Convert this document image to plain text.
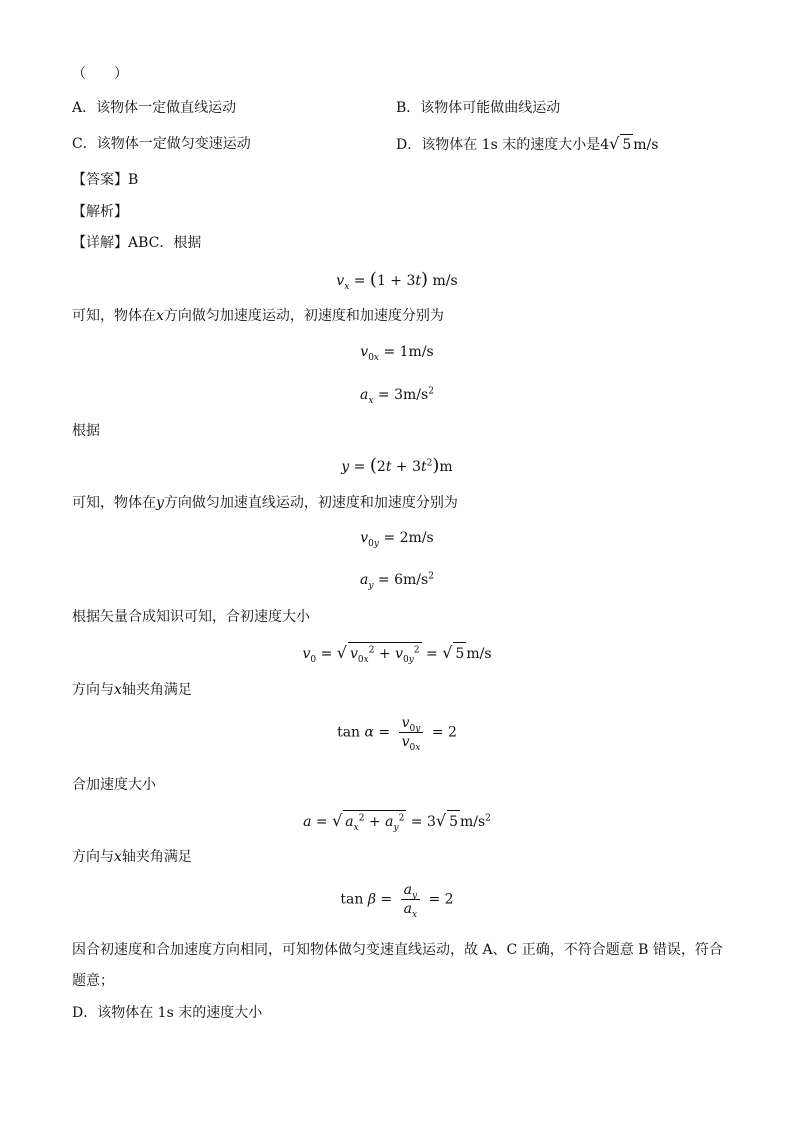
（　　）
A．该物体一定做直线运动	B．该物体可能做曲线运动
C．该物体一定做匀变速运动	D．该物体在 1s 末的速度大小是4√ 5 m/s
【答案】B
【解析】
【详解】ABC．根据
$v_x = (1 + 3t)$ m/s
可知，物体在x方向做匀加速度运动，初速度和加速度分别为
$v_{0x} = 1m/s$
$a_x = 3m/s^2$
根据
$y = (2t + 3t^2)m$
可知，物体在y方向做匀加速直线运动，初速度和加速度分别为
$v_{0y} = 2m/s$
$a_y = 6m/s^2$
根据矢量合成知识可知，合初速度大小
$v_0$ = √ $v_{0x}^2 + v_{0y}^2$ = √ 5 m/s
方向与x轴夹角满足
$\tan \alpha = \frac{v_{0y}}{v_{0x}} = 2$
合加速度大小
a = √ $a_x^2 + a_y^2 = 3√$ 5 $m/s^2$
方向与x轴夹角满足
$\tan \beta = \frac{a_y}{a_x} = 2$
因合初速度和合加速度方向相同，可知物体做匀变速直线运动，故 A、C 正确，不符合题意 B 错误，符合
题意；
D．该物体在 1s 末的速度大小
